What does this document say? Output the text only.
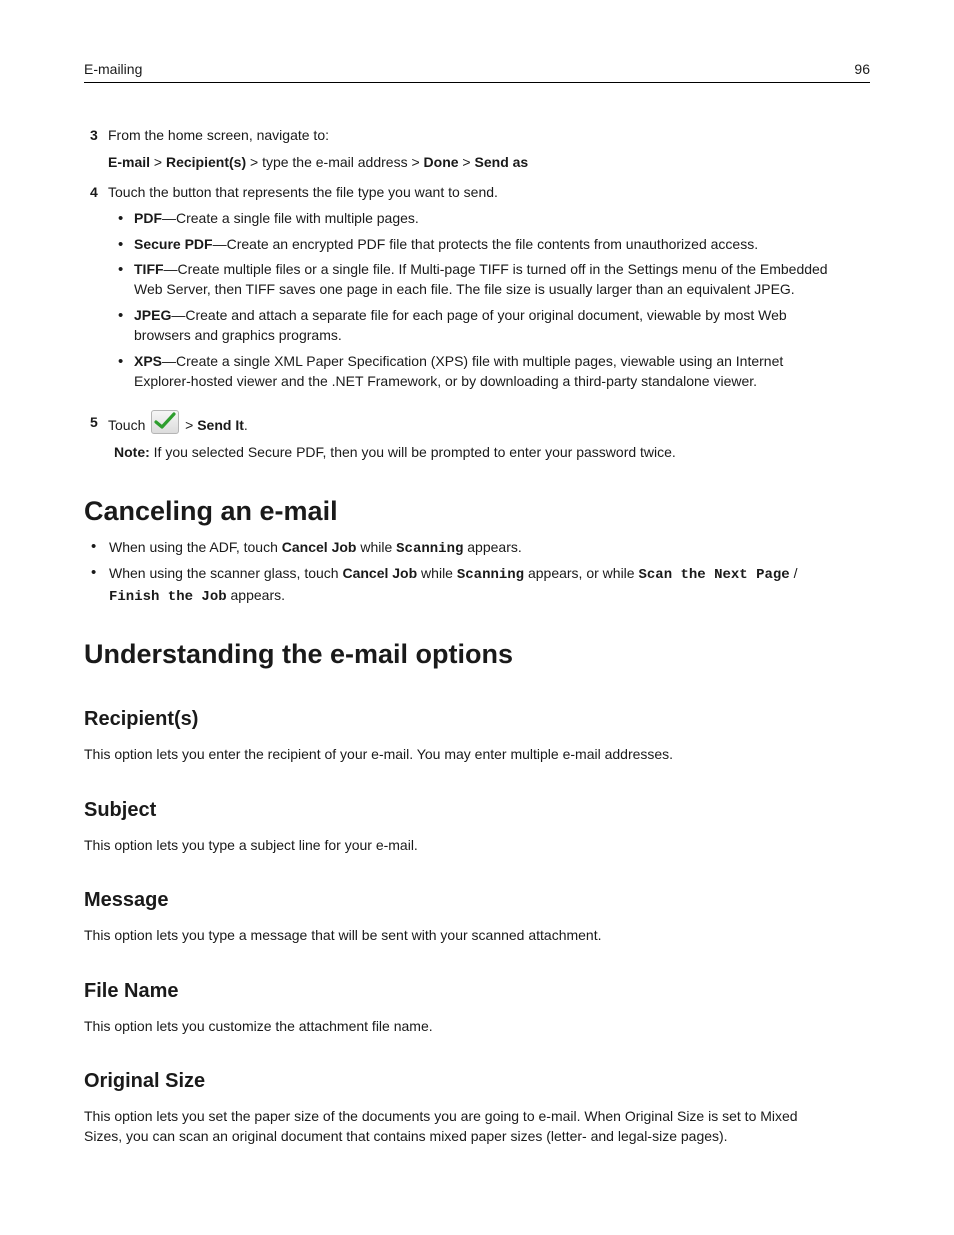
E-mailing	96
3 From the home screen, navigate to:
E-mail > Recipient(s) > type the e-mail address > Done > Send as
4 Touch the button that represents the file type you want to send.
• PDF—Create a single file with multiple pages.
• Secure PDF—Create an encrypted PDF file that protects the file contents from unauthorized access.
• TIFF—Create multiple files or a single file. If Multi-page TIFF is turned off in the Settings menu of the Embedded
Web Server, then TIFF saves one page in each file. The file size is usually larger than an equivalent JPEG.
• JPEG—Create and attach a separate file for each page of your original document, viewable by most Web
browsers and graphics programs.
• XPS—Create a single XML Paper Specification (XPS) file with multiple pages, viewable using an Internet
Explorer-hosted viewer and the .NET Framework, or by downloading a third-party standalone viewer.
5 Touch	> Send It.
Note: If you selected Secure PDF, then you will be prompted to enter your password twice.
Canceling an e-mail
• When using the ADF, touch Cancel Job while Scanning appears.
• When using the scanner glass, touch Cancel Job while Scanning appears, or while Scan the Next Page /
Finish the Job appears.
Understanding the e-mail options
Recipient(s)
This option lets you enter the recipient of your e-mail. You may enter multiple e-mail addresses.
Subject
This option lets you type a subject line for your e-mail.
Message
This option lets you type a message that will be sent with your scanned attachment.
File Name
This option lets you customize the attachment file name.
Original Size
This option lets you set the paper size of the documents you are going to e-mail. When Original Size is set to Mixed
Sizes, you can scan an original document that contains mixed paper sizes (letter- and legal-size pages).
